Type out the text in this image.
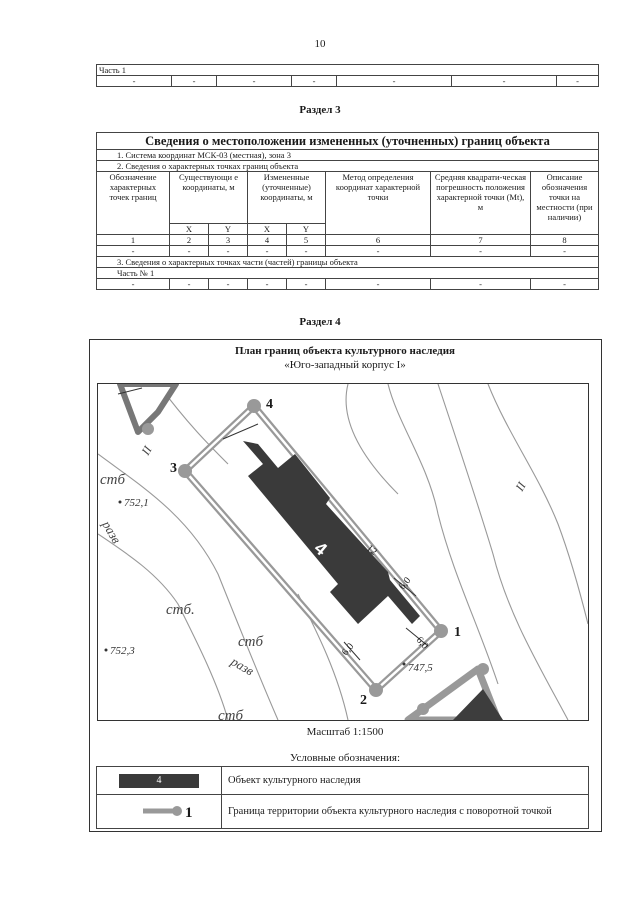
10
Часть 1
-	-	-	-	-	-	-
Раздел 3
Сведения о местоположении измененных (уточненных) границ объекта							
1. Система координат МСК-03 (местная), зона 3							
2. Сведения о характерных точках границ объекта							
Обозначение характерных точек границ	Существующи е координаты, м		Измененные (уточненные) координаты, м		Метод определения координат характерной точки	Средняя квадрати-ческая погрешность положения характерной точки (Mt), м	Описание обозначения точки на местности (при наличии)
	X	Y	X	Y			
1	2	3	4	5	6	7	8
-	-	-	-	-	-	-	-
3. Сведения о характерных точках части (частей) границы объекта							
Часть № 1							
-	-	-	-	-	-	-	-
Раздел 4
План границ объекта культурного наследия
«Юго-западный корпус I»
4
6,0
6,0
6,0
12
1
2
3
4
752,1
752,3
747,5
стб
стб
стб.
стб
разв
разв
II
II
Масштаб 1:1500
Условные обозначения:
4	Объект культурного наследия

1	Граница территории объекта культурного наследия с поворотной точкой
